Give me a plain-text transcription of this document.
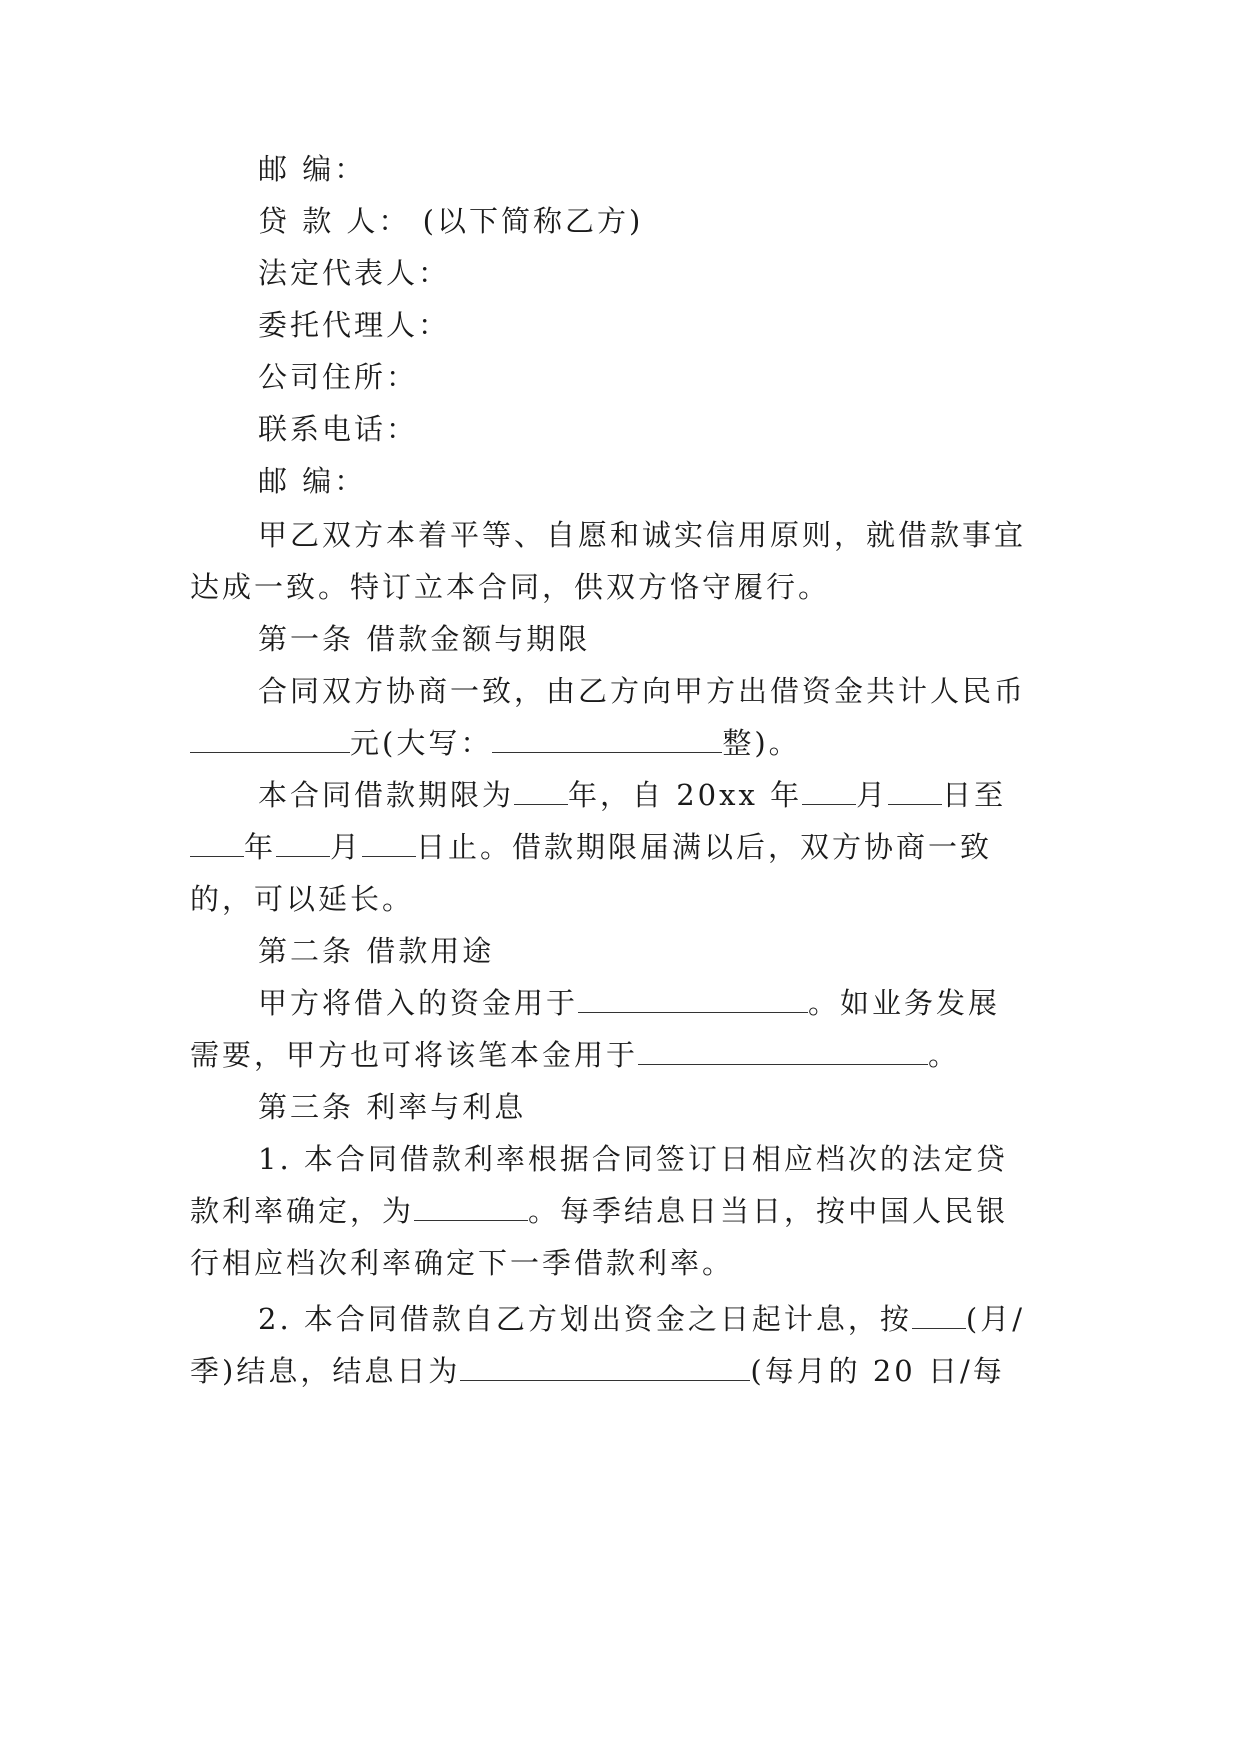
邮 编：
贷 款 人： (以下简称乙方)
法定代表人：
委托代理人：
公司住所：
联系电话：
邮 编：
甲乙双方本着平等、自愿和诚实信用原则，就借款事宜
达成一致。特订立本合同，供双方恪守履行。
第一条 借款金额与期限
合同双方协商一致，由乙方向甲方出借资金共计人民币
元(大写：	整)。
本合同借款期限为 年，自 20xx 年 月 日至
年 月 日止。借款期限届满以后，双方协商一致
的，可以延长。
第二条 借款用途
甲方将借入的资金用于	。如业务发展
需要，甲方也可将该笔本金用于	。
第三条 利率与利息
1. 本合同借款利率根据合同签订日相应档次的法定贷
款利率确定，为	。每季结息日当日，按中国人民银
行相应档次利率确定下一季借款利率。
2. 本合同借款自乙方划出资金之日起计息，按 (月/
季)结息，结息日为	(每月的 20 日/每
